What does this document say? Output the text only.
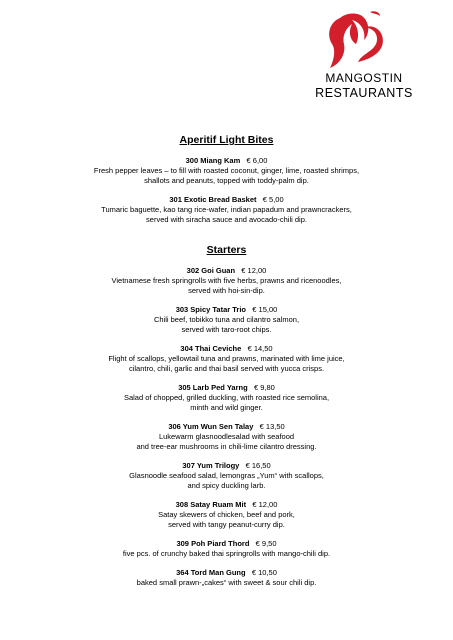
MANGOSTIN
RESTAURANTS
Aperitif Light Bites

300 Miang Kam € 6,00

Fresh pepper leaves – to fill with roasted coconut, ginger, lime, roasted shrimps,

shallots and peanuts, topped with toddy-palm dip.

301 Exotic Bread Basket € 5,00

Tumaric baguette, kao tang rice-wafer, indian papadum and prawncrackers,

served with siracha sauce and avocado-chili dip.

Starters

302 Goi Guan € 12,00

Vietnamese fresh springrolls with five herbs, prawns and ricenoodles,

served with hoi-sin-dip.

303 Spicy Tatar Trio € 15,00

Chili beef, tobikko tuna and cilantro salmon,

served with taro-root chips.

304 Thai Ceviche € 14,50

Flight of scallops, yellowtail tuna and prawns, marinated with lime juice,

cilantro, chili, garlic and thai basil served with yucca crisps.

305 Larb Ped Yarng € 9,80

Salad of chopped, grilled duckling, with roasted rice semolina,

minth and wild ginger.

306 Yum Wun Sen Talay € 13,50

Lukewarm glasnoodlesalad with seafood

and tree-ear mushrooms in chili-lime cilantro dressing.

307 Yum Trilogy € 16,50

Glasnoodle seafood salad, lemongras „Yum“ with scallops,

and spicy duckling larb.

308 Satay Ruam Mit € 12,00

Satay skewers of chicken, beef and pork,

served with tangy peanut-curry dip.

309 Poh Piard Thord € 9,50

five pcs. of crunchy baked thai springrolls with mango-chili dip.

364 Tord Man Gung € 10,50

baked small prawn-„cakes“ with sweet & sour chili dip.
